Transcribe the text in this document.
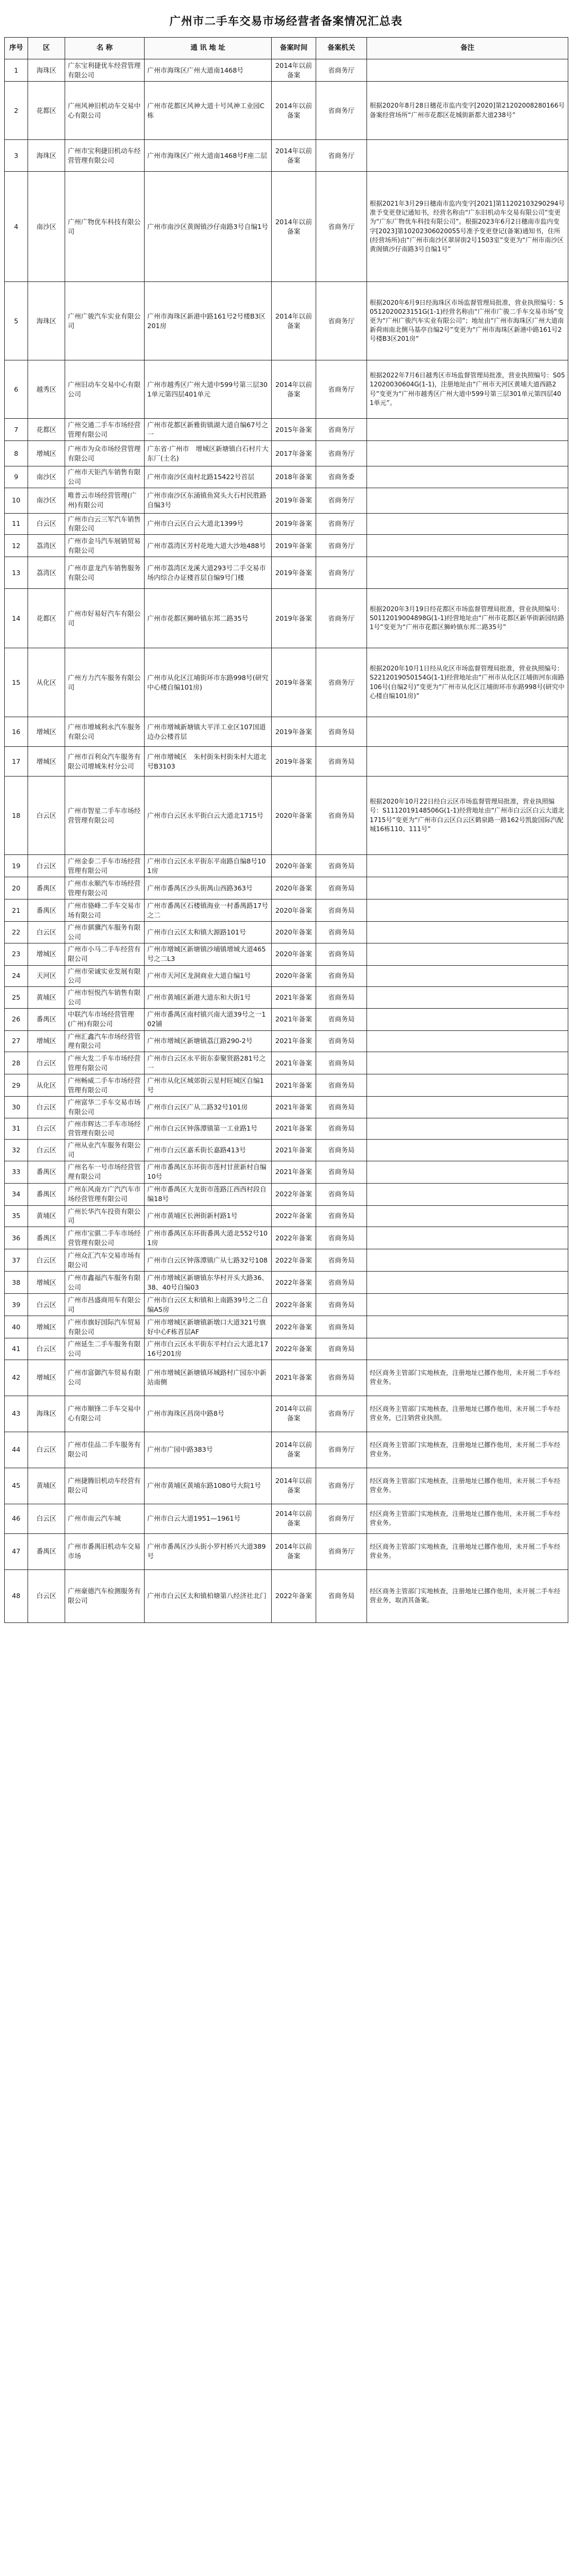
广州市二手车交易市场经营者备案情况汇总表
序号	区	名 称	通 讯 地 址	备案时间	备案机关	备注
1	海珠区	广东宝利捷优车经营管理有限公司	广州市海珠区广州大道南1468号	2014年以前备案	省商务厅	
2	花都区	广州风神旧机动车交易中心有限公司	广州市花都区风神大道十号风神工业园C栋	2014年以前备案	省商务厅	根据2020年8月28日穗花市监内变字[2020]第21202008280166号备案经营场所“广州市花都区花城街新都大道238号”
3	海珠区	广州市宝利捷旧机动车经营管理有限公司	广州市海珠区广州大道南1468号F座二层	2014年以前备案	省商务厅	
4	南沙区	广州广物优车科技有限公司	广州市南沙区黄阁镇沙仔南路3号自编1号	2014年以前备案	省商务厅	根据2021年3月29日穗南市监内变字[2021]第11202103290294号准予变更登记通知书，经营名称由“广东旧机动车交易有限公司”变更为“广东广物优车科技有限公司”。根据2023年6月2日穗南市监内变字[2023]第10202306020055号准予变更登记(备案)通知书，住所(经营场所)由“广州市南沙区翠屏街2号1503室”变更为“广州市南沙区黄阁镇沙仔南路3号自编1号”
5	海珠区	广州广骏汽车实业有限公司	广州市海珠区新港中路161号2号楼B3区201房	2014年以前备案	省商务厅	根据2020年6月9日经海珠区市场监督管理局批准，营业执照编号：S0512020023151G(1-1)经营名称由“广州市广骏二手车交易市场”变更为“广州广骏汽车实业有限公司”；地址由“广州市海珠区广州大道南新荷雨南北侧马基亭自编2号”变更为“广州市海珠区新港中路161号2号楼B3区201房”
6	越秀区	广州旧动车交易中心有限公司	广州市越秀区广州大道中599号第三层301单元第四层401单元	2014年以前备案	省商务厅	根据2022年7月6日越秀区市场监督管理局批准，营业执照编号：S0512020030604G(1-1)，注册地址由“广州市天河区黄埔大道西路2号”变更为“广州市越秀区广州大道中599号第三层301单元第四层401单元”。
7	花都区	广州交通二手车市场经营管理有限公司	广州市花都区新雅街镇湖大道自编67号之一	2015年备案	省商务厅	
8	增城区	广州市为众市场经营管理有限公司	广东省·广州市　增城区新塘镇白石村片大东厂(土名)	2017年备案	省商务厅	
9	南沙区	广州市天钜汽车销售有限公司	广州市南沙区南村北路15422号首层	2018年备案	省商务委	
10	南沙区	唯普云市场经营管理(广州)有限公司	广州市南沙区东涌镇鱼窝头大石村民胜路自编3号	2019年备案	省商务厅	
11	白云区	广州市白云三军汽车销售有限公司	广州市白云区白云大道北1399号	2019年备案	省商务厅	
12	荔湾区	广州市金马汽车展销贸易有限公司	广州市荔湾区芳村花地大道大沙地488号	2019年备案	省商务厅	
13	荔湾区	广州市意龙汽车销售服务有限公司	广州市荔湾区龙溪大道293号二手交易市场内综合办证楼首层自编9号门楼	2019年备案	省商务厅	
14	花都区	广州市好易好汽车有限公司	广州市花都区狮岭镇东邦二路35号	2019年备案	省商务厅	根据2020年3月19日经花都区市场监督管理局批准，营业执照编号：S0112019004898G(1-1)经营地址由“广州市花都区新华街新园结路1号”变更为“广州市花都区狮岭镇东邦二路35号”
15	从化区	广州方力汽车服务有限公司	广州市从化区江埔街环市东路998号(研究中心楼自编101房)	2019年备案	省商务厅	根据2020年10月1日经从化区市场监督管理局批准，营业执照编号：S2212019050154G(1-1)经营地址由“广州市从化区江埔街河东南路106号(自编2号)”变更为“广州市从化区江埔街环市东路998号(研究中心楼自编101房)”
16	增城区	广州市增城利永汽车服务有限公司	广州市增城新塘镇大平洋工业区107国道边办公楼首层	2019年备案	省商务局	
17	增城区	广州市百利众汽车服务有限公司增城朱村分公司	广州市增城区　朱村街朱村街朱村大道北号B3103	2019年备案	省商务局	
18	白云区	广州市智星二手车市场经营管理有限公司	广州市白云区永平街白云大道北1715号	2020年备案	省商务局	根据2020年10月22日经白云区市场监督管理局批准，营业执照编号：S1112019148506G(1-1)经营地址由“广州市白云区白云大道北1715号”变更为“广州市白云区白云区鹤泉路一路162号凯旋国际汽配城16栋110、111号”
19	白云区	广州金泰二手车市场经营管理有限公司	广州市白云区永平街东平南路自编8号101房	2020年备案	省商务局	
20	番禺区	广州市永顺汽车市场经营管理有限公司	广州市番禺区沙头街禺山西路363号	2020年备案	省商务局	
21	番禺区	广州市骆峰二手车交易市场有限公司	广州市番禺区石楼镇海业一村番禺路17号之二	2020年备案	省商务局	
22	白云区	广州市骐骥汽车服务有限公司	广州市白云区太和镇大源路101号	2020年备案	省商务局	
23	增城区	广州市小马二手车经营有限公司	广州市增城区新塘镇沙埔镇增城大道465号之二L3	2020年备案	省商务局	
24	天河区	广州市荣诚实业发展有限公司	广州市天河区龙洞商业大道自编1号	2020年备案	省商务局	
25	黄埔区	广州市恒悦汽车销售有限公司	广州市黄埔区新港大道东和大街1号	2021年备案	省商务局	
26	番禺区	中联汽车市场经营管理(广州)有限公司	广州市番禺区南村镇兴南大道39号之一102铺	2021年备案	省商务局	
27	增城区	广州汇鑫汽车市场经营管理有限公司	广州市增城区新塘镇荔江路290-2号	2021年备案	省商务局	
28	白云区	广州大发二手车市场经营管理有限公司	广州市白云区永平街东泰聚贤路281号之一	2021年备案	省商务局	
29	从化区	广州畅威二手车市场经营管理有限公司	广州市从化区城郊街云星村旺城区自编1号	2021年备案	省商务局	
30	白云区	广州富华二手车交易市场有限公司	广州市白云区广从二路32号101房	2021年备案	省商务局	
31	白云区	广州市辉达二手车市场经营管理有限公司	广州市白云区钟落潭镇第一工业路1号	2021年备案	省商务局	
32	白云区	广州从业汽车服务有限公司	广州市白云区嘉禾街长嘉路413号	2021年备案	省商务局	
33	番禺区	广州名车一号市场经营管理有限公司	广州市番禺区东环街市莲村甘蔗新村自编10号	2021年备案	省商务局	
34	番禺区	广州东风南方广汽汽车市场经营管理有限公司	广州市番禺区大龙街市莲路江西西村段自编18号	2022年备案	省商务局	
35	黄埔区	广州长华汽车投资有限公司	广州市黄埔区长洲街新村路1号	2022年备案	省商务局	
36	番禺区	广州市宝骐二手车市场经营管理有限公司	广州市番禺区东环街番禺大道北552号101房	2022年备案	省商务局	
37	白云区	广州众汇汽车交易市场有限公司	广州市白云区钟落潭镇广从七路32号108	2022年备案	省商务局	
38	增城区	广州市鑫福汽车服务有限公司	广州市增城区新塘镇东华村开头大路36、38、40号自编03	2022年备案	省商务局	
39	白云区	广州市昌盛商用车有限公司	广州市白云区太和镇和上南路39号之二自编A5房	2022年备案	省商务局	
40	增城区	广州市旗好国际汽车贸易有限公司	广州市增城区新塘镇新墩口大道321号旗好中心F栋首层AF	2022年备案	省商务局	
41	白云区	广州延生二手车服务有限公司	广州市白云区永平街东平村白云大道北1716号201房	2022年备案	省商务局	
42	增城区	广州市富御汽车贸易有限公司	广州市增城区新塘镇环城路村广园东中新站南侧	2021年备案	省商务局	经区商务主管部门实地核查，注册地址已挪作他用，未开展二手车经营业务。
43	海珠区	广州市顺锋二手车交易中心有限公司	广州市海珠区昌岗中路8号	2014年以前备案	省商务厅	经区商务主管部门实地核查，注册地址已挪作他用，未开展二手车经营业务，已注销营业执照。
44	白云区	广州市佳品二手车服务有限公司	广州市广园中路383号	2014年以前备案	省商务厅	经区商务主管部门实地核查，注册地址已挪作他用，未开展二手车经营业务。
45	黄埔区	广州捷腾旧机动车经营有限公司	广州市黄埔区黄埔东路1080号大院1号	2014年以前备案	省商务厅	经区商务主管部门实地核查，注册地址已挪作他用，未开展二手车经营业务。
46	白云区	广州市南云汽车城	广州市白云大道1951—1961号	2014年以前备案	省商务厅	经区商务主管部门实地核查，注册地址已挪作他用，未开展二手车经营业务。
47	番禺区	广州市番禺旧机动车交易市场	广州市番禺区沙头街小罗村桥兴大道389号	2014年以前备案	省商务厅	经区商务主管部门实地核查，注册地址已挪作他用，未开展二手车经营业务。
48	白云区	广州豪德汽车检测服务有限公司	广州市白云区太和镇柏塘第八经济社北门	2022年备案	省商务局	经区商务主管部门实地核查，注册地址已挪作他用，未开展二手车经营业务，取消其备案。
